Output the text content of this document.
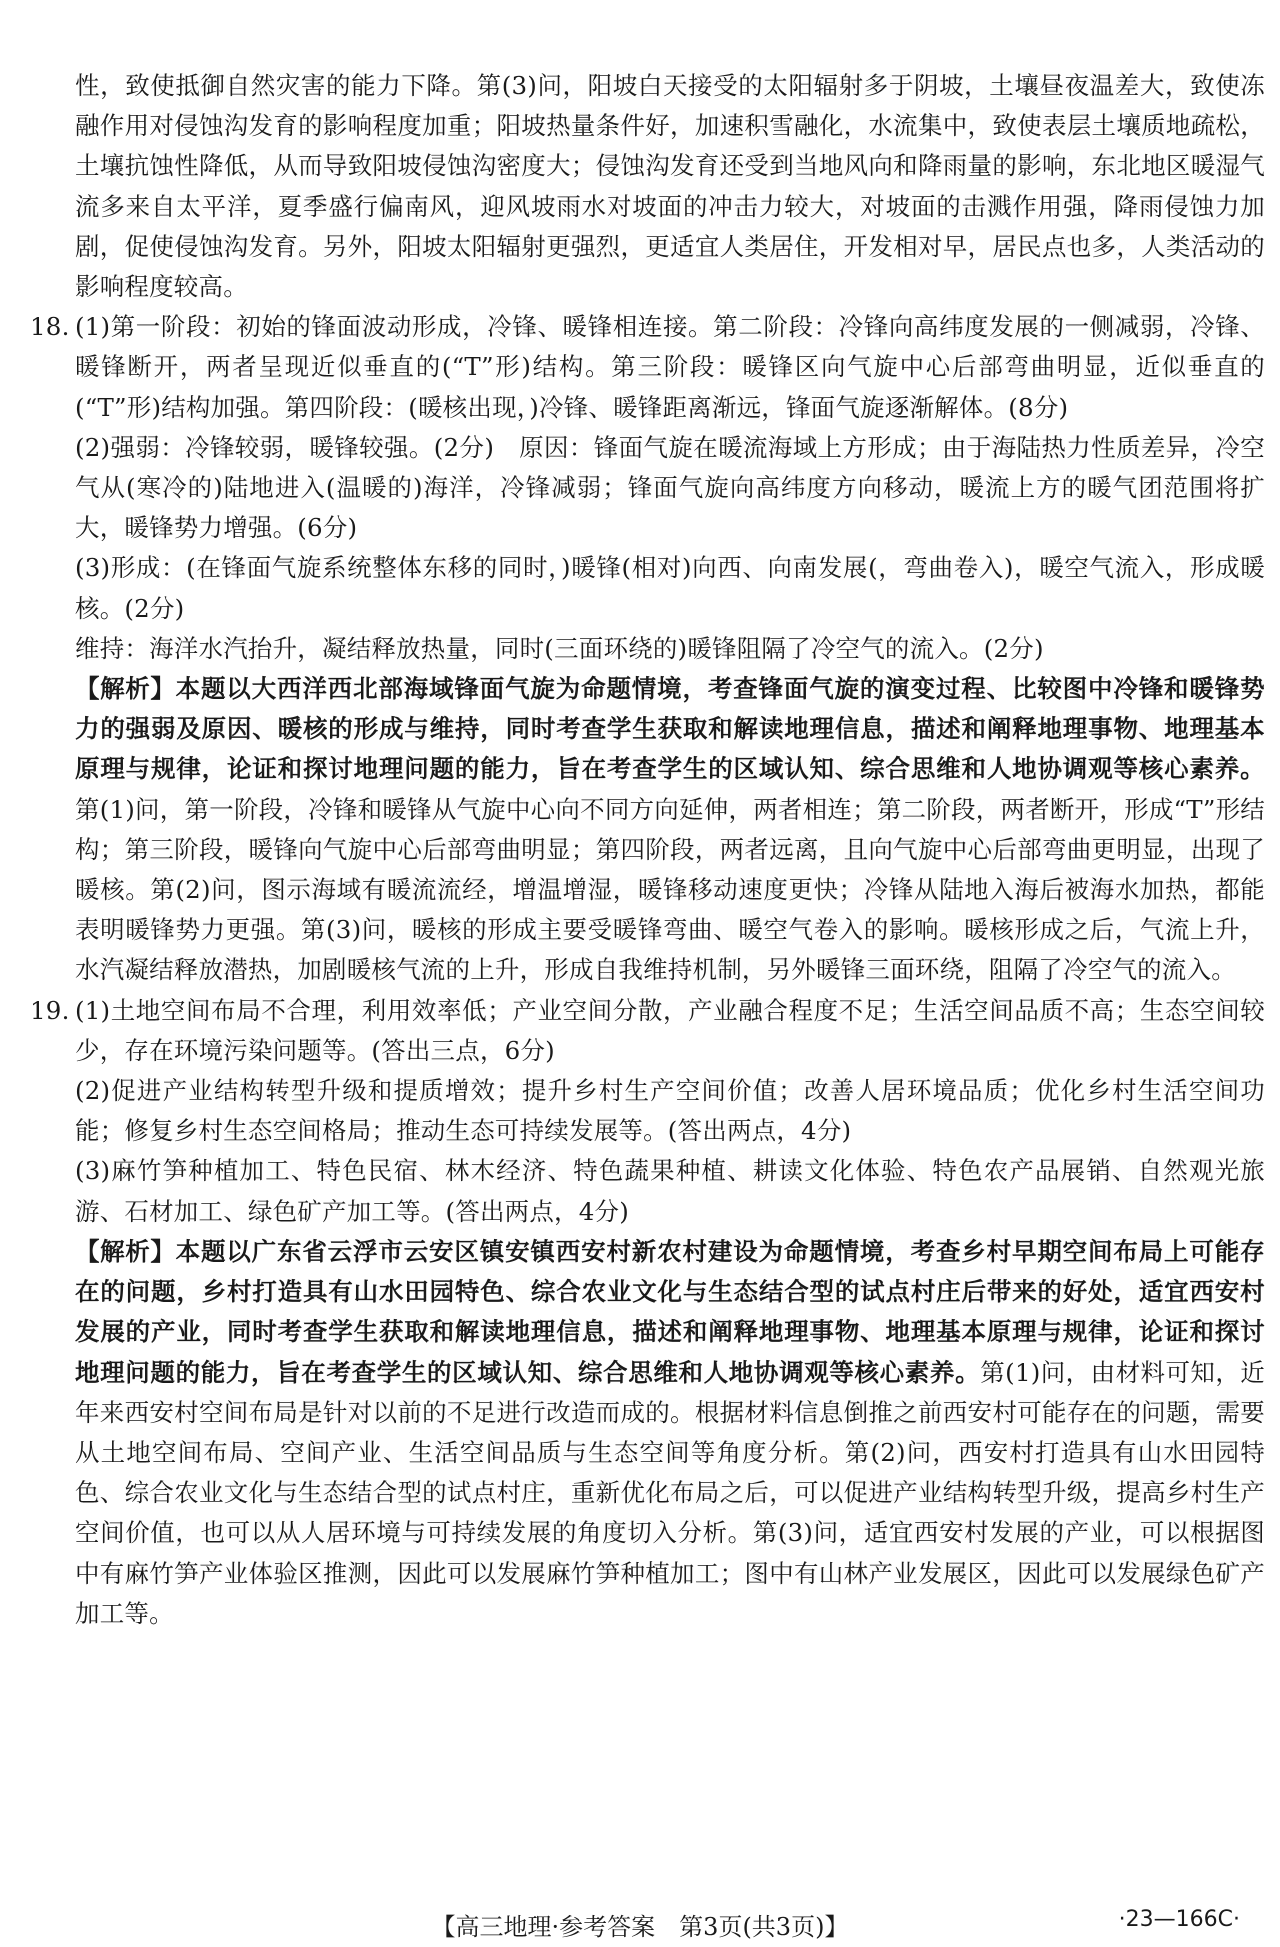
性，致使抵御自然灾害的能力下降。第(3)问，阳坡白天接受的太阳辐射多于阴坡，土壤昼夜温差大，致使冻融作用对侵蚀沟发育的影响程度加重；阳坡热量条件好，加速积雪融化，水流集中，致使表层土壤质地疏松，土壤抗蚀性降低，从而导致阳坡侵蚀沟密度大；侵蚀沟发育还受到当地风向和降雨量的影响，东北地区暖湿气流多来自太平洋，夏季盛行偏南风，迎风坡雨水对坡面的冲击力较大，对坡面的击溅作用强，降雨侵蚀力加剧，促使侵蚀沟发育。另外，阳坡太阳辐射更强烈，更适宜人类居住，开发相对早，居民点也多，人类活动的影响程度较高。

18. (1)第一阶段：初始的锋面波动形成，冷锋、暖锋相连接。第二阶段：冷锋向高纬度发展的一侧减弱，冷锋、暖锋断开，两者呈现近似垂直的(“T”形)结构。第三阶段：暖锋区向气旋中心后部弯曲明显，近似垂直的(“T”形)结构加强。第四阶段：(暖核出现，)冷锋、暖锋距离渐远，锋面气旋逐渐解体。(8分)

(2)强弱：冷锋较弱，暖锋较强。(2分)　原因：锋面气旋在暖流海域上方形成；由于海陆热力性质差异，冷空气从(寒冷的)陆地进入(温暖的)海洋，冷锋减弱；锋面气旋向高纬度方向移动，暖流上方的暖气团范围将扩大，暖锋势力增强。(6分)

(3)形成：(在锋面气旋系统整体东移的同时，)暖锋(相对)向西、向南发展(，弯曲卷入)，暖空气流入，形成暖核。(2分)

维持：海洋水汽抬升，凝结释放热量，同时(三面环绕的)暖锋阻隔了冷空气的流入。(2分)

【解析】本题以大西洋西北部海域锋面气旋为命题情境，考查锋面气旋的演变过程、比较图中冷锋和暖锋势力的强弱及原因、暖核的形成与维持，同时考查学生获取和解读地理信息，描述和阐释地理事物、地理基本原理与规律，论证和探讨地理问题的能力，旨在考查学生的区域认知、综合思维和人地协调观等核心素养。第(1)问，第一阶段，冷锋和暖锋从气旋中心向不同方向延伸，两者相连；第二阶段，两者断开，形成“T”形结构；第三阶段，暖锋向气旋中心后部弯曲明显；第四阶段，两者远离，且向气旋中心后部弯曲更明显，出现了暖核。第(2)问，图示海域有暖流流经，增温增湿，暖锋移动速度更快；冷锋从陆地入海后被海水加热，都能表明暖锋势力更强。第(3)问，暖核的形成主要受暖锋弯曲、暖空气卷入的影响。暖核形成之后，气流上升，水汽凝结释放潜热，加剧暖核气流的上升，形成自我维持机制，另外暖锋三面环绕，阻隔了冷空气的流入。

19. (1)土地空间布局不合理，利用效率低；产业空间分散，产业融合程度不足；生活空间品质不高；生态空间较少，存在环境污染问题等。(答出三点，6分)

(2)促进产业结构转型升级和提质增效；提升乡村生产空间价值；改善人居环境品质；优化乡村生活空间功能；修复乡村生态空间格局；推动生态可持续发展等。(答出两点，4分)

(3)麻竹笋种植加工、特色民宿、林木经济、特色蔬果种植、耕读文化体验、特色农产品展销、自然观光旅游、石材加工、绿色矿产加工等。(答出两点，4分)

【解析】本题以广东省云浮市云安区镇安镇西安村新农村建设为命题情境，考查乡村早期空间布局上可能存在的问题，乡村打造具有山水田园特色、综合农业文化与生态结合型的试点村庄后带来的好处，适宜西安村发展的产业，同时考查学生获取和解读地理信息，描述和阐释地理事物、地理基本原理与规律，论证和探讨地理问题的能力，旨在考查学生的区域认知、综合思维和人地协调观等核心素养。第(1)问，由材料可知，近年来西安村空间布局是针对以前的不足进行改造而成的。根据材料信息倒推之前西安村可能存在的问题，需要从土地空间布局、空间产业、生活空间品质与生态空间等角度分析。第(2)问，西安村打造具有山水田园特色、综合农业文化与生态结合型的试点村庄，重新优化布局之后，可以促进产业结构转型升级，提高乡村生产空间价值，也可以从人居环境与可持续发展的角度切入分析。第(3)问，适宜西安村发展的产业，可以根据图中有麻竹笋产业体验区推测，因此可以发展麻竹笋种植加工；图中有山林产业发展区，因此可以发展绿色矿产加工等。

【高三地理·参考答案　第3页(共3页)】	·23—166C·
